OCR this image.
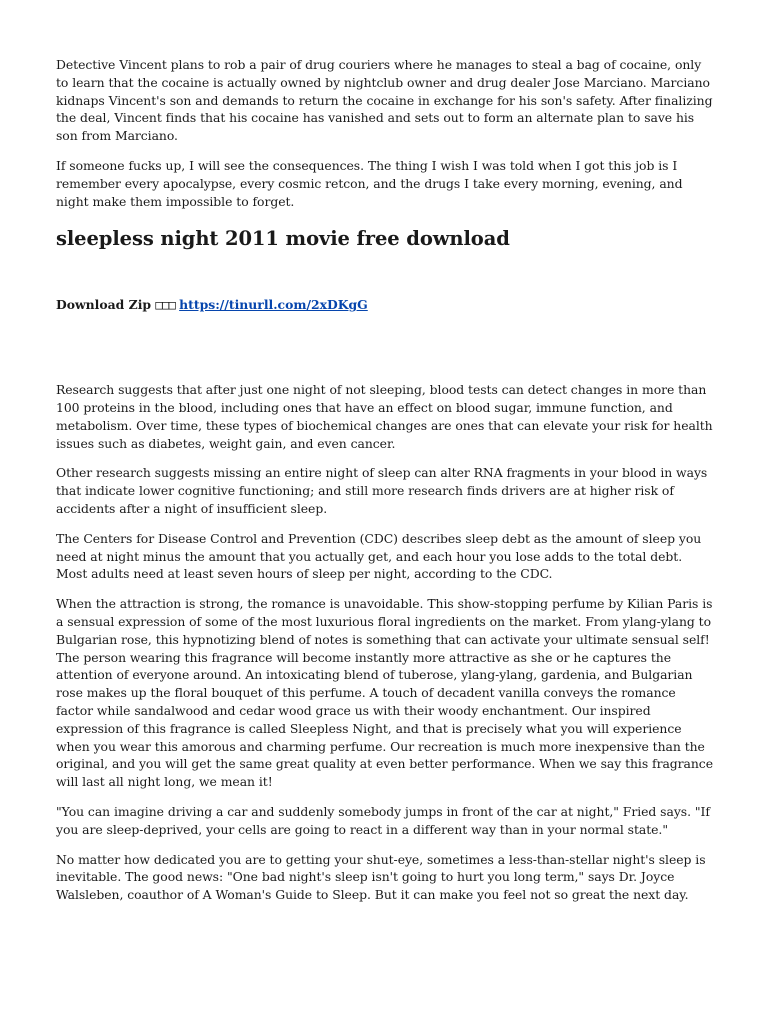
Detective Vincent plans to rob a pair of drug couriers where he manages to steal a bag of cocaine, only to learn that the cocaine is actually owned by nightclub owner and drug dealer Jose Marciano. Marciano kidnaps Vincent's son and demands to return the cocaine in exchange for his son's safety. After finalizing the deal, Vincent finds that his cocaine has vanished and sets out to form an alternate plan to save his son from Marciano.

If someone fucks up, I will see the consequences. The thing I wish I was told when I got this job is I remember every apocalypse, every cosmic retcon, and the drugs I take every morning, evening, and night make them impossible to forget.

sleepless night 2011 movie free download
Download Zip □□□ https://tinurll.com/2xDKgG

Research suggests that after just one night of not sleeping, blood tests can detect changes in more than 100 proteins in the blood, including ones that have an effect on blood sugar, immune function, and metabolism. Over time, these types of biochemical changes are ones that can elevate your risk for health issues such as diabetes, weight gain, and even cancer.

Other research suggests missing an entire night of sleep can alter RNA fragments in your blood in ways that indicate lower cognitive functioning; and still more research finds drivers are at higher risk of accidents after a night of insufficient sleep.

The Centers for Disease Control and Prevention (CDC) describes sleep debt as the amount of sleep you need at night minus the amount that you actually get, and each hour you lose adds to the total debt. Most adults need at least seven hours of sleep per night, according to the CDC.

When the attraction is strong, the romance is unavoidable. This show-stopping perfume by Kilian Paris is a sensual expression of some of the most luxurious floral ingredients on the market. From ylang-ylang to Bulgarian rose, this hypnotizing blend of notes is something that can activate your ultimate sensual self! The person wearing this fragrance will become instantly more attractive as she or he captures the attention of everyone around. An intoxicating blend of tuberose, ylang-ylang, gardenia, and Bulgarian rose makes up the floral bouquet of this perfume. A touch of decadent vanilla conveys the romance factor while sandalwood and cedar wood grace us with their woody enchantment. Our inspired expression of this fragrance is called Sleepless Night, and that is precisely what you will experience when you wear this amorous and charming perfume. Our recreation is much more inexpensive than the original, and you will get the same great quality at even better performance. When we say this fragrance will last all night long, we mean it!

"You can imagine driving a car and suddenly somebody jumps in front of the car at night," Fried says. "If you are sleep-deprived, your cells are going to react in a different way than in your normal state."

No matter how dedicated you are to getting your shut-eye, sometimes a less-than-stellar night's sleep is inevitable. The good news: "One bad night's sleep isn't going to hurt you long term," says Dr. Joyce Walsleben, coauthor of A Woman's Guide to Sleep. But it can make you feel not so great the next day.
